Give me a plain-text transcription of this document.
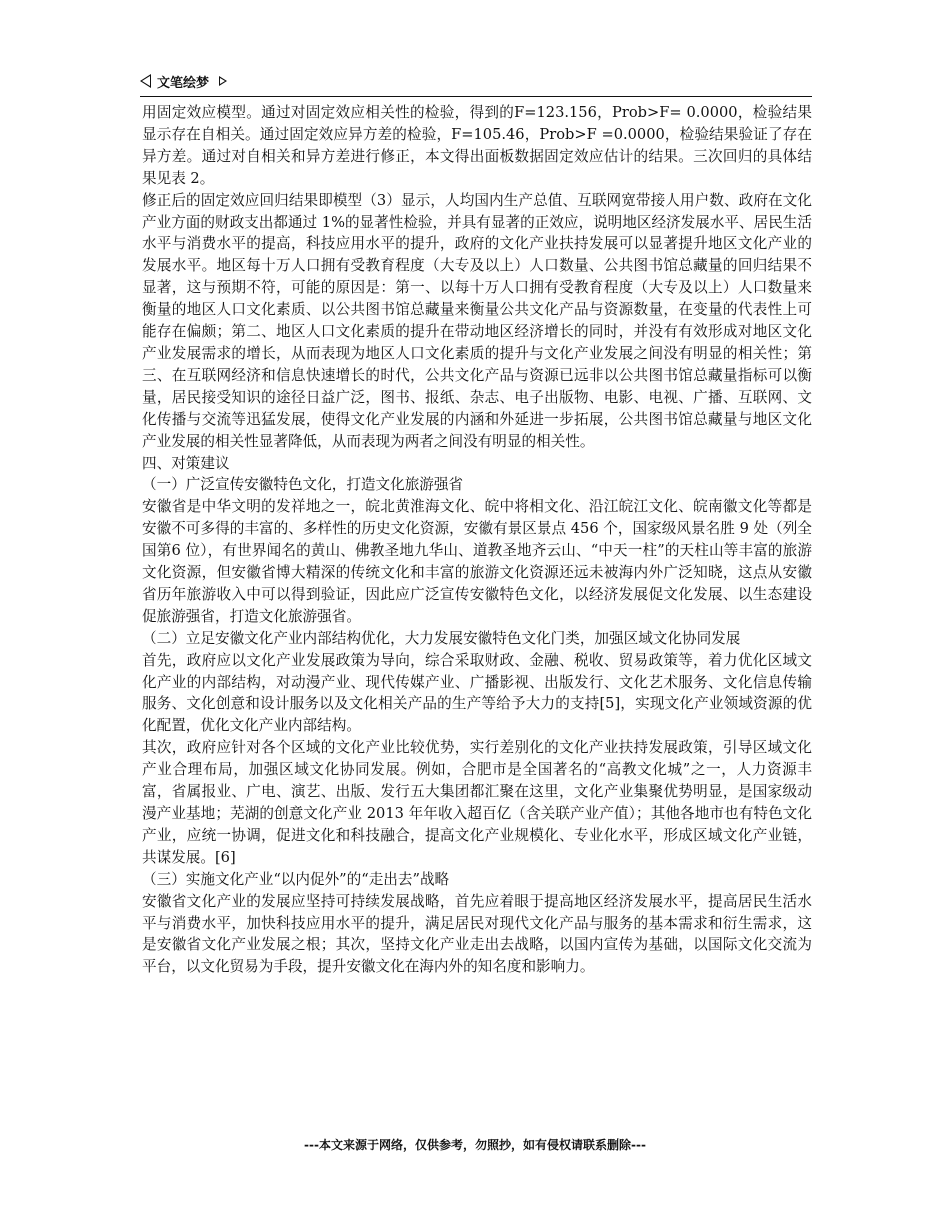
文笔绘梦

用固定效应模型。通过对固定效应相关性的检验，得到的F=123.156，Prob>F= 0.0000，检验结果显示存在自相关。通过固定效应异方差的检验，F=105.46，Prob>F =0.0000，检验结果验证了存在异方差。通过对自相关和异方差进行修正，本文得出面板数据固定效应估计的结果。三次回归的具体结果见表 2。

修正后的固定效应回归结果即模型（3）显示，人均国内生产总值、互联网宽带接人用户数、政府在文化产业方面的财政支出都通过 1%的显著性检验，并具有显著的正效应，说明地区经济发展水平、居民生活水平与消费水平的提高，科技应用水平的提升，政府的文化产业扶持发展可以显著提升地区文化产业的发展水平。地区每十万人口拥有受教育程度（大专及以上）人口数量、公共图书馆总藏量的回归结果不显著，这与预期不符，可能的原因是：第一、以每十万人口拥有受教育程度（大专及以上）人口数量来衡量的地区人口文化素质、以公共图书馆总藏量来衡量公共文化产品与资源数量，在变量的代表性上可能存在偏颇；第二、地区人口文化素质的提升在带动地区经济增长的同时，并没有有效形成对地区文化产业发展需求的增长，从而表现为地区人口文化素质的提升与文化产业发展之间没有明显的相关性；第三、在互联网经济和信息快速增长的时代，公共文化产品与资源已远非以公共图书馆总藏量指标可以衡量，居民接受知识的途径日益广泛，图书、报纸、杂志、电子出版物、电影、电视、广播、互联网、文化传播与交流等迅猛发展，使得文化产业发展的内涵和外延进一步拓展，公共图书馆总藏量与地区文化产业发展的相关性显著降低，从而表现为两者之间没有明显的相关性。

四、对策建议

（一）广泛宣传安徽特色文化，打造文化旅游强省

安徽省是中华文明的发祥地之一，皖北黄淮海文化、皖中将相文化、沿江皖江文化、皖南徽文化等都是安徽不可多得的丰富的、多样性的历史文化资源，安徽有景区景点 456 个，国家级风景名胜 9 处（列全国第6 位），有世界闻名的黄山、佛教圣地九华山、道教圣地齐云山、“中天一柱”的天柱山等丰富的旅游文化资源，但安徽省博大精深的传统文化和丰富的旅游文化资源还远未被海内外广泛知晓，这点从安徽省历年旅游收入中可以得到验证，因此应广泛宣传安徽特色文化，以经济发展促文化发展、以生态建设促旅游强省，打造文化旅游强省。

（二）立足安徽文化产业内部结构优化，大力发展安徽特色文化门类，加强区域文化协同发展

首先，政府应以文化产业发展政策为导向，综合采取财政、金融、税收、贸易政策等，着力优化区域文化产业的内部结构，对动漫产业、现代传媒产业、广播影视、出版发行、文化艺术服务、文化信息传输服务、文化创意和设计服务以及文化相关产品的生产等给予大力的支持[5]，实现文化产业领域资源的优化配置，优化文化产业内部结构。

其次，政府应针对各个区域的文化产业比较优势，实行差别化的文化产业扶持发展政策，引导区域文化产业合理布局，加强区域文化协同发展。例如，合肥市是全国著名的“高教文化城”之一，人力资源丰富，省属报业、广电、演艺、出版、发行五大集团都汇聚在这里，文化产业集聚优势明显，是国家级动漫产业基地；芜湖的创意文化产业 2013 年年收入超百亿（含关联产业产值）；其他各地市也有特色文化产业，应统一协调，促进文化和科技融合，提高文化产业规模化、专业化水平，形成区域文化产业链，共谋发展。[6]

（三）实施文化产业“以内促外”的“走出去”战略

安徽省文化产业的发展应坚持可持续发展战略，首先应着眼于提高地区经济发展水平，提高居民生活水平与消费水平，加快科技应用水平的提升，满足居民对现代文化产品与服务的基本需求和衍生需求，这是安徽省文化产业发展之根；其次，坚持文化产业走出去战略，以国内宣传为基础，以国际文化交流为平台，以文化贸易为手段，提升安徽文化在海内外的知名度和影响力。

---本文来源于网络，仅供参考，勿照抄，如有侵权请联系删除---
